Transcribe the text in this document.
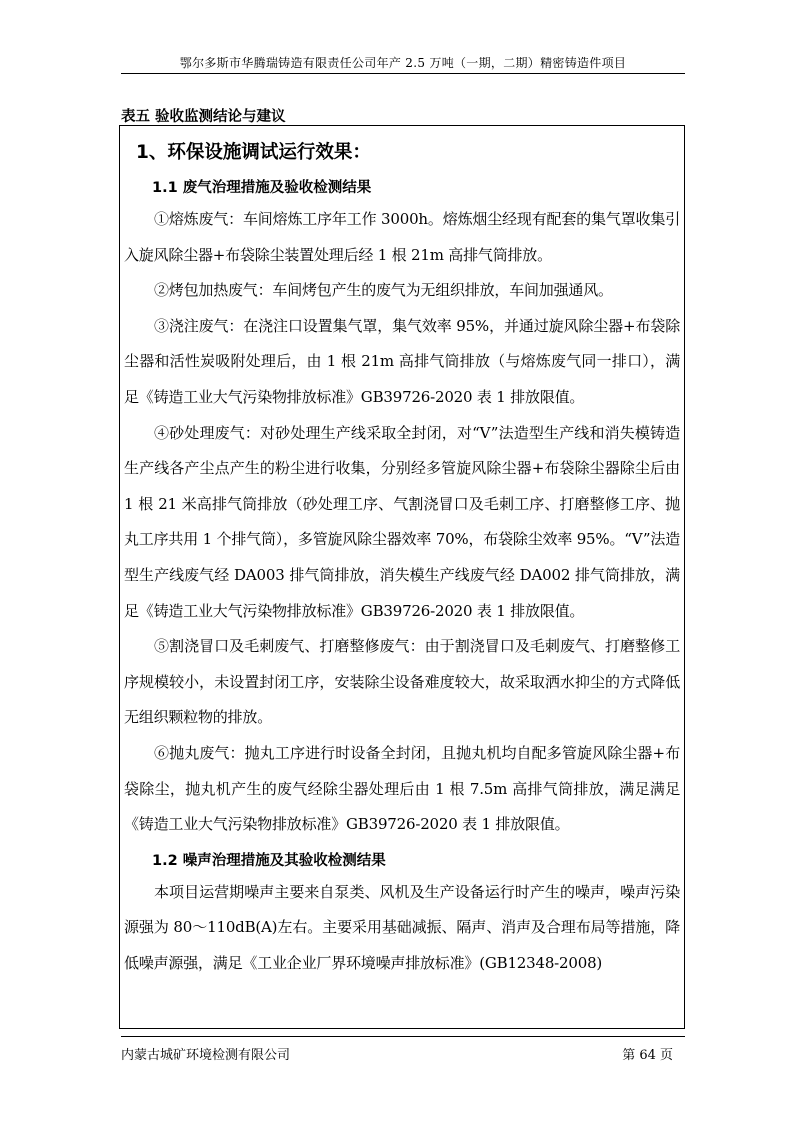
鄂尔多斯市华腾瑞铸造有限责任公司年产 2.5 万吨（一期，二期）精密铸造件项目
表五 验收监测结论与建议
1、环保设施调试运行效果：
1.1 废气治理措施及验收检测结果

①熔炼废气：车间熔炼工序年工作 3000h。熔炼烟尘经现有配套的集气罩收集引入旋风除尘器+布袋除尘装置处理后经 1 根 21m 高排气筒排放。

②烤包加热废气：车间烤包产生的废气为无组织排放，车间加强通风。

③浇注废气：在浇注口设置集气罩，集气效率 95%，并通过旋风除尘器+布袋除尘器和活性炭吸附处理后，由 1 根 21m 高排气筒排放（与熔炼废气同一排口），满足《铸造工业大气污染物排放标准》GB39726-2020 表 1 排放限值。

④砂处理废气：对砂处理生产线采取全封闭，对“V”法造型生产线和消失模铸造生产线各产尘点产生的粉尘进行收集，分别经多管旋风除尘器+布袋除尘器除尘后由 1 根 21 米高排气筒排放（砂处理工序、气割浇冒口及毛刺工序、打磨整修工序、抛丸工序共用 1 个排气筒），多管旋风除尘器效率 70%，布袋除尘效率 95%。“V”法造型生产线废气经 DA003 排气筒排放，消失模生产线废气经 DA002 排气筒排放，满足《铸造工业大气污染物排放标准》GB39726-2020 表 1 排放限值。

⑤割浇冒口及毛刺废气、打磨整修废气：由于割浇冒口及毛刺废气、打磨整修工序规模较小，未设置封闭工序，安装除尘设备难度较大，故采取洒水抑尘的方式降低无组织颗粒物的排放。

⑥抛丸废气：抛丸工序进行时设备全封闭，且抛丸机均自配多管旋风除尘器+布袋除尘，抛丸机产生的废气经除尘器处理后由 1 根 7.5m 高排气筒排放，满足满足《铸造工业大气污染物排放标准》GB39726-2020 表 1 排放限值。

1.2 噪声治理措施及其验收检测结果

本项目运营期噪声主要来自泵类、风机及生产设备运行时产生的噪声，噪声污染源强为 80～110dB(A)左右。主要采用基础减振、隔声、消声及合理布局等措施，降低噪声源强，满足《工业企业厂界环境噪声排放标准》(GB12348-2008)

内蒙古城矿环境检测有限公司	第 64 页
